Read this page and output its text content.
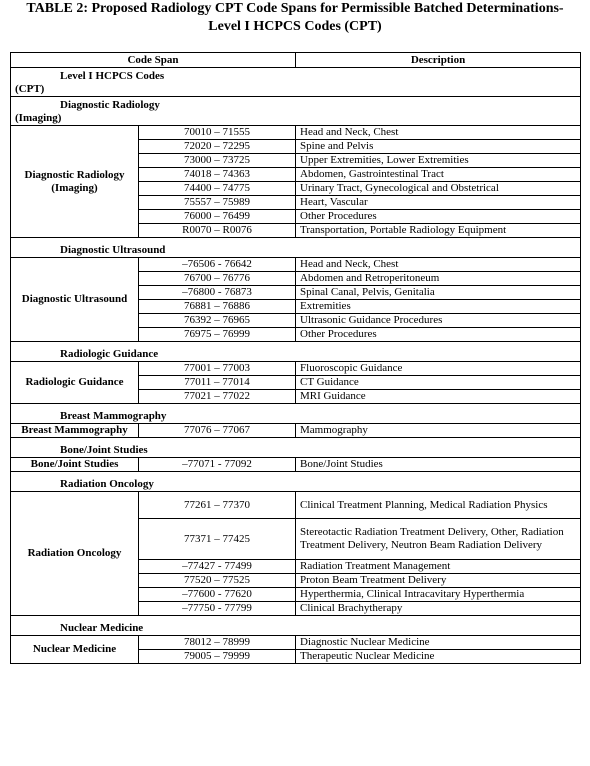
TABLE 2: Proposed Radiology CPT Code Spans for Permissible Batched Determinations-
Level I HCPCS Codes (CPT)
Code Span		Description

Level I HCPCS Codes
(CPT)		

Diagnostic Radiology
(Imaging)		

Diagnostic Radiology (Imaging)	70010 – 71555	Head and Neck, Chest
	72020 – 72295	Spine and Pelvis
	73000 – 73725	Upper Extremities, Lower Extremities
	74018 – 74363	Abdomen, Gastrointestinal Tract
	74400 – 74775	Urinary Tract, Gynecological and Obstetrical
	75557 – 75989	Heart, Vascular
	76000 – 76499	Other Procedures
	R0070 – R0076	Transportation, Portable Radiology Equipment

Diagnostic Ultrasound		

Diagnostic Ultrasound	–76506 - 76642	Head and Neck, Chest
	76700 – 76776	Abdomen and Retroperitoneum
	–76800 - 76873	Spinal Canal, Pelvis, Genitalia
	76881 – 76886	Extremities
	76392 – 76965	Ultrasonic Guidance Procedures
	76975 – 76999	Other Procedures

Radiologic Guidance		

Radiologic Guidance	77001 – 77003	Fluoroscopic Guidance
	77011 – 77014	CT Guidance
	77021 – 77022	MRI Guidance

Breast Mammography		

Breast Mammography	77076 – 77067	Mammography

Bone/Joint Studies		

Bone/Joint Studies	–77071 - 77092	Bone/Joint Studies

Radiation Oncology		

Radiation Oncology	77261 – 77370	Clinical Treatment Planning, Medical Radiation Physics
	77371 – 77425	Stereotactic Radiation Treatment Delivery, Other, Radiation Treatment Delivery, Neutron Beam Radiation Delivery
	–77427 - 77499	Radiation Treatment Management
	77520 – 77525	Proton Beam Treatment Delivery
	–77600 - 77620	Hyperthermia, Clinical Intracavitary Hyperthermia
	–77750 - 77799	Clinical Brachytherapy

Nuclear Medicine		

Nuclear Medicine	78012 – 78999	Diagnostic Nuclear Medicine
	79005 – 79999	Therapeutic Nuclear Medicine
